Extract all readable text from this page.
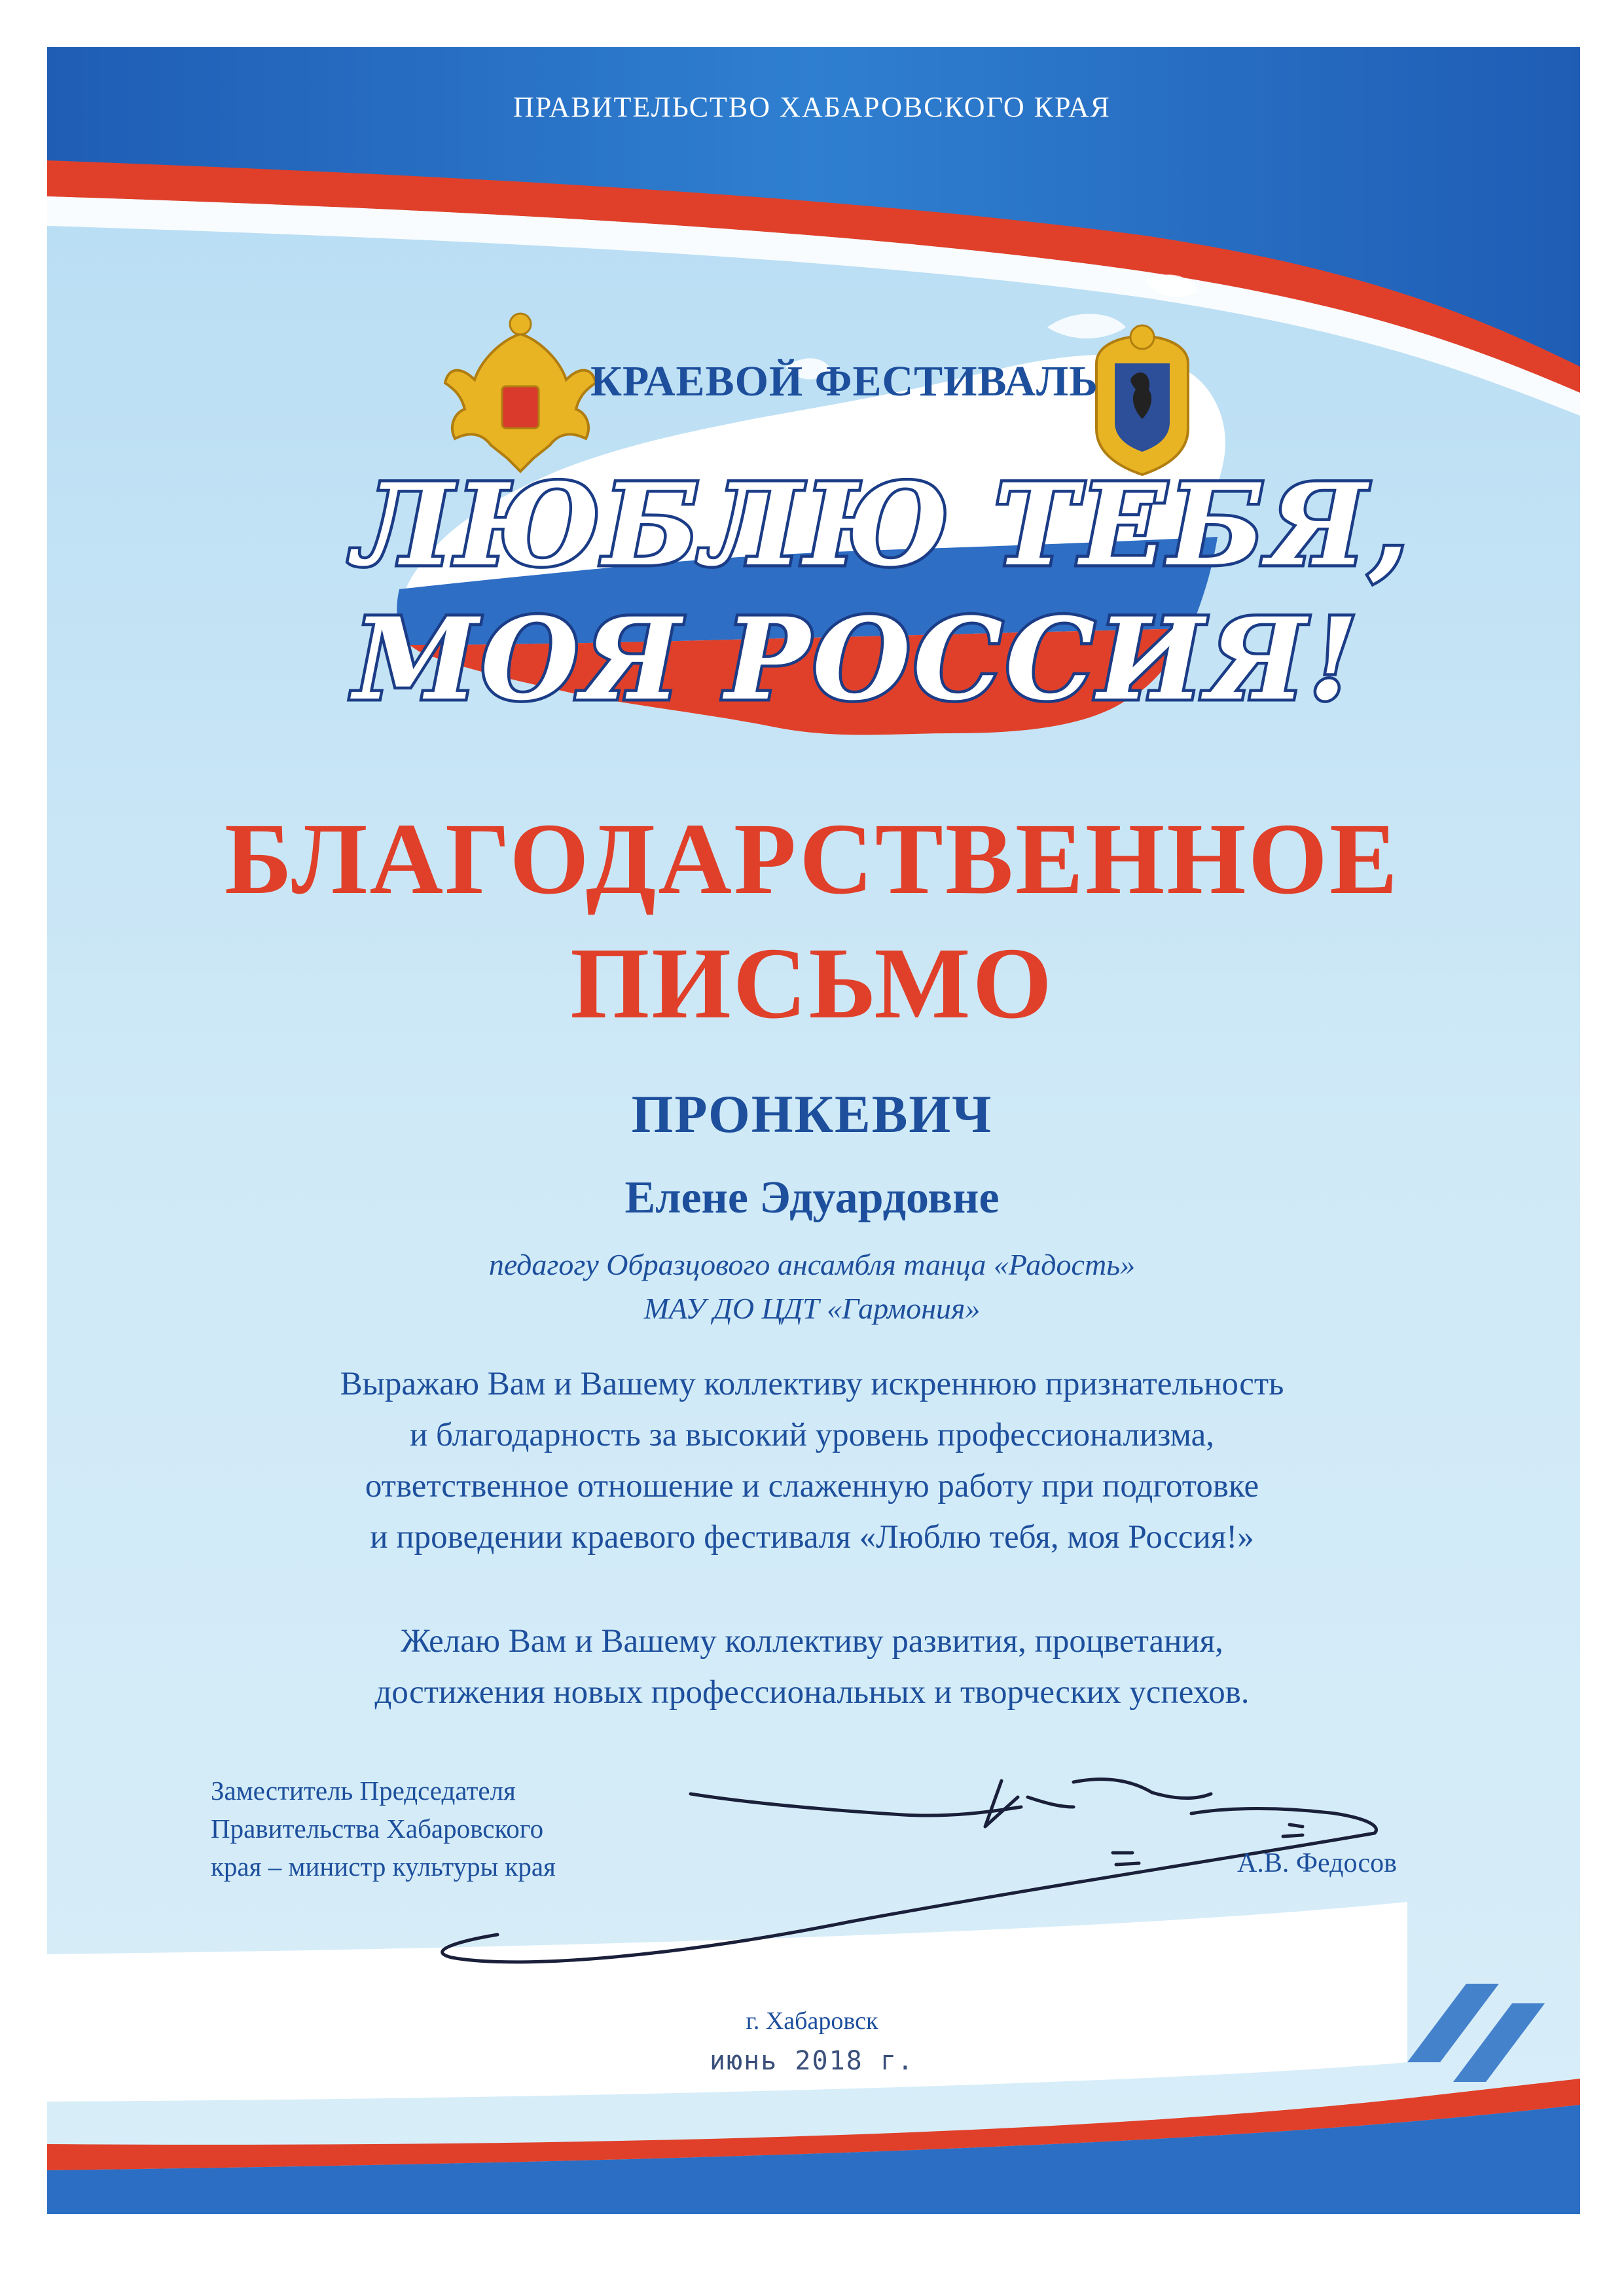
ПРАВИТЕЛЬСТВО ХАБАРОВСКОГО КРАЯ

КРАЕВОЙ ФЕСТИВАЛЬ

ЛЮБЛЮ ТЕБЯ,

МОЯ РОССИЯ!

БЛАГОДАРСТВЕННОЕ

ПИСЬМО

ПРОНКЕВИЧ

Елене Эдуардовне

педагогу Образцового ансамбля танца «Радость»

МАУ ДО ЦДТ «Гармония»

Выражаю Вам и Вашему коллективу искреннюю признательность

и благодарность за высокий уровень профессионализма,

ответственное отношение и слаженную работу при подготовке

и проведении краевого фестиваля «Люблю тебя, моя Россия!»

Желаю Вам и Вашему коллективу развития, процветания,

достижения новых профессиональных и творческих успехов.

Заместитель Председателя
Правительства Хабаровского
края – министр культуры края	А.В. Федосов

г. Хабаровск

июнь 2018 г.
